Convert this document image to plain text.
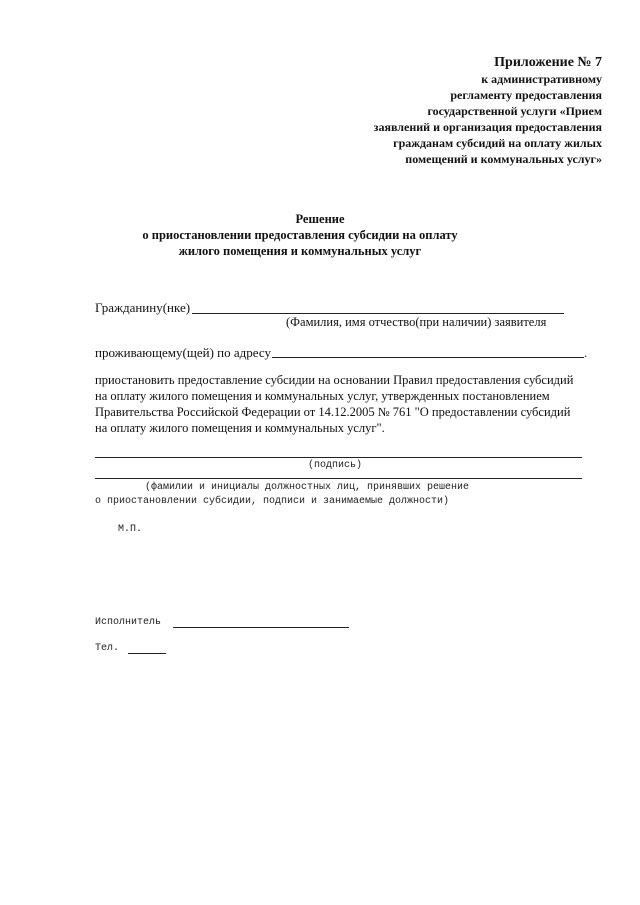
Приложение № 7
к административному
регламенту предоставления
государственной услуги «Прием
заявлений и организация предоставления
гражданам субсидий на оплату жилых
помещений и коммунальных услуг»
Решение
о приостановлении предоставления субсидии на оплату
жилого помещения и коммунальных услуг
Гражданину(нке)
(Фамилия, имя отчество(при наличии) заявителя
проживающему(щей) по адресу	.
приостановить предоставление субсидии на основании Правил предоставления субсидий
на оплату жилого помещения и коммунальных услуг, утвержденных постановлением
Правительства Российской Федерации от 14.12.2005 № 761 "О предоставлении субсидий
на оплату жилого помещения и коммунальных услуг".
(подпись)
(фамилии и инициалы должностных лиц, принявших решение
о приостановлении субсидии, подписи и занимаемые должности)
М.П.
Исполнитель
Тел.
